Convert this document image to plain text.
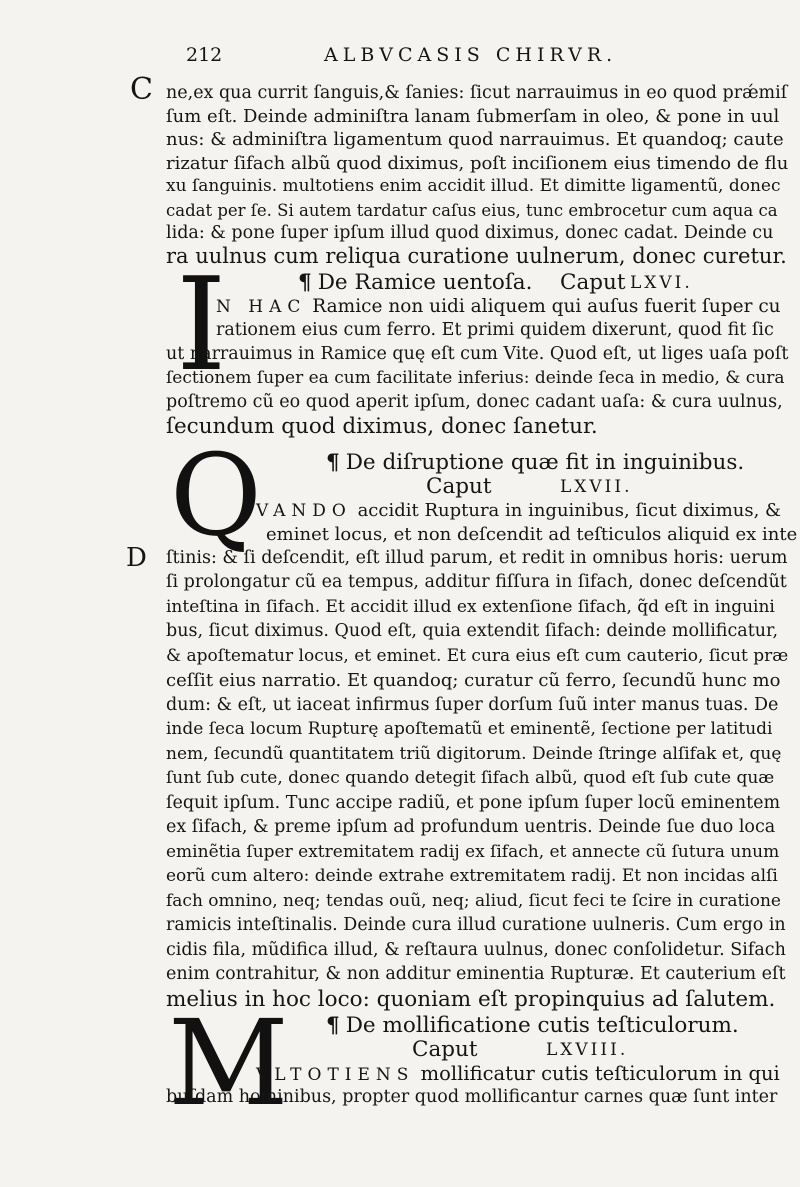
212	ALBVCASIS CHIRVR.
C ne,ex qua currit ſanguis,& ſanies: ſicut narrauimus in eo quod prǽmiſ
ſum eſt. Deinde adminiſtra lanam ſubmerſam in oleo, & pone in uul
nus: & adminiſtra ligamentum quod narrauimus. Et quandoq; caute
rizatur ſifach albũ quod diximus, poſt inciſionem eius timendo de flu
xu ſanguinis. multotiens enim accidit illud. Et dimitte ligamentũ, donec
cadat per ſe. Si autem tardatur caſus eius, tunc embrocetur cum aqua ca
lida: & pone ſuper ipſum illud quod diximus, donec cadat. Deinde cu
ra uulnus cum reliqua curatione uulnerum, donec curetur.
I	¶ De Ramice uentoſa. Caput LXVI.
N HAC Ramice non uidi aliquem qui auſus fuerit ſuper cu
rationem eius cum ferro. Et primi quidem dixerunt, quod fit ſic
ut narrauimus in Ramice quę eſt cum Vite. Quod eſt, ut liges uaſa poſt
ſectionem ſuper ea cum facilitate inferius: deinde ſeca in medio, & cura
poſtremo cũ eo quod aperit ipſum, donec cadant uaſa: & cura uulnus,
ſecundum quod diximus, donec ſanetur.
Q	¶ De diſruptione quæ fit in inguinibus.
Caput	LXVII.
VANDO accidit Ruptura in inguinibus, ſicut diximus, &
eminet locus, et non deſcendit ad teſticulos aliquid ex inte
D ſtinis: & ſi deſcendit, eſt illud parum, et redit in omnibus horis: uerum
ſi prolongatur cũ ea tempus, additur fiſſura in ſifach, donec deſcendũt
inteſtina in ſifach. Et accidit illud ex extenſione ſifach, q̃d eſt in inguini
bus, ſicut diximus. Quod eſt, quia extendit ſifach: deinde mollificatur,
& apoſtematur locus, et eminet. Et cura eius eſt cum cauterio, ſicut præ
ceſſit eius narratio. Et quandoq; curatur cũ ferro, ſecundũ hunc mo
dum: & eſt, ut iaceat infirmus ſuper dorſum ſuũ inter manus tuas. De
inde ſeca locum Rupturę apoſtematũ et eminentẽ, ſectione per latitudi
nem, ſecundũ quantitatem triũ digitorum. Deinde ſtringe alſifak et, quę
ſunt ſub cute, donec quando detegit ſifach albũ, quod eſt ſub cute quæ
ſequit ipſum. Tunc accipe radiũ, et pone ipſum ſuper locũ eminentem
ex ſifach, & preme ipſum ad profundum uentris. Deinde ſue duo loca
eminẽtia ſuper extremitatem radij ex ſifach, et annecte cũ ſutura unum
eorũ cum altero: deinde extrahe extremitatem radij. Et non incidas alſi
fach omnino, neq; tendas ouũ, neq; aliud, ſicut feci te ſcire in curatione
ramicis inteſtinalis. Deinde cura illud curatione uulneris. Cum ergo in
cidis fila, mũdifica illud, & reſtaura uulnus, donec conſolidetur. Sifach
enim contrahitur, & non additur eminentia Rupturæ. Et cauterium eſt
melius in hoc loco: quoniam eſt propinquius ad ſalutem.
M ¶ De mollificatione cutis teſticulorum.
Caput	LXVIII.
VLTOTIENS mollificatur cutis teſticulorum in qui
buſdam hominibus, propter quod mollificantur carnes quæ ſunt inter
